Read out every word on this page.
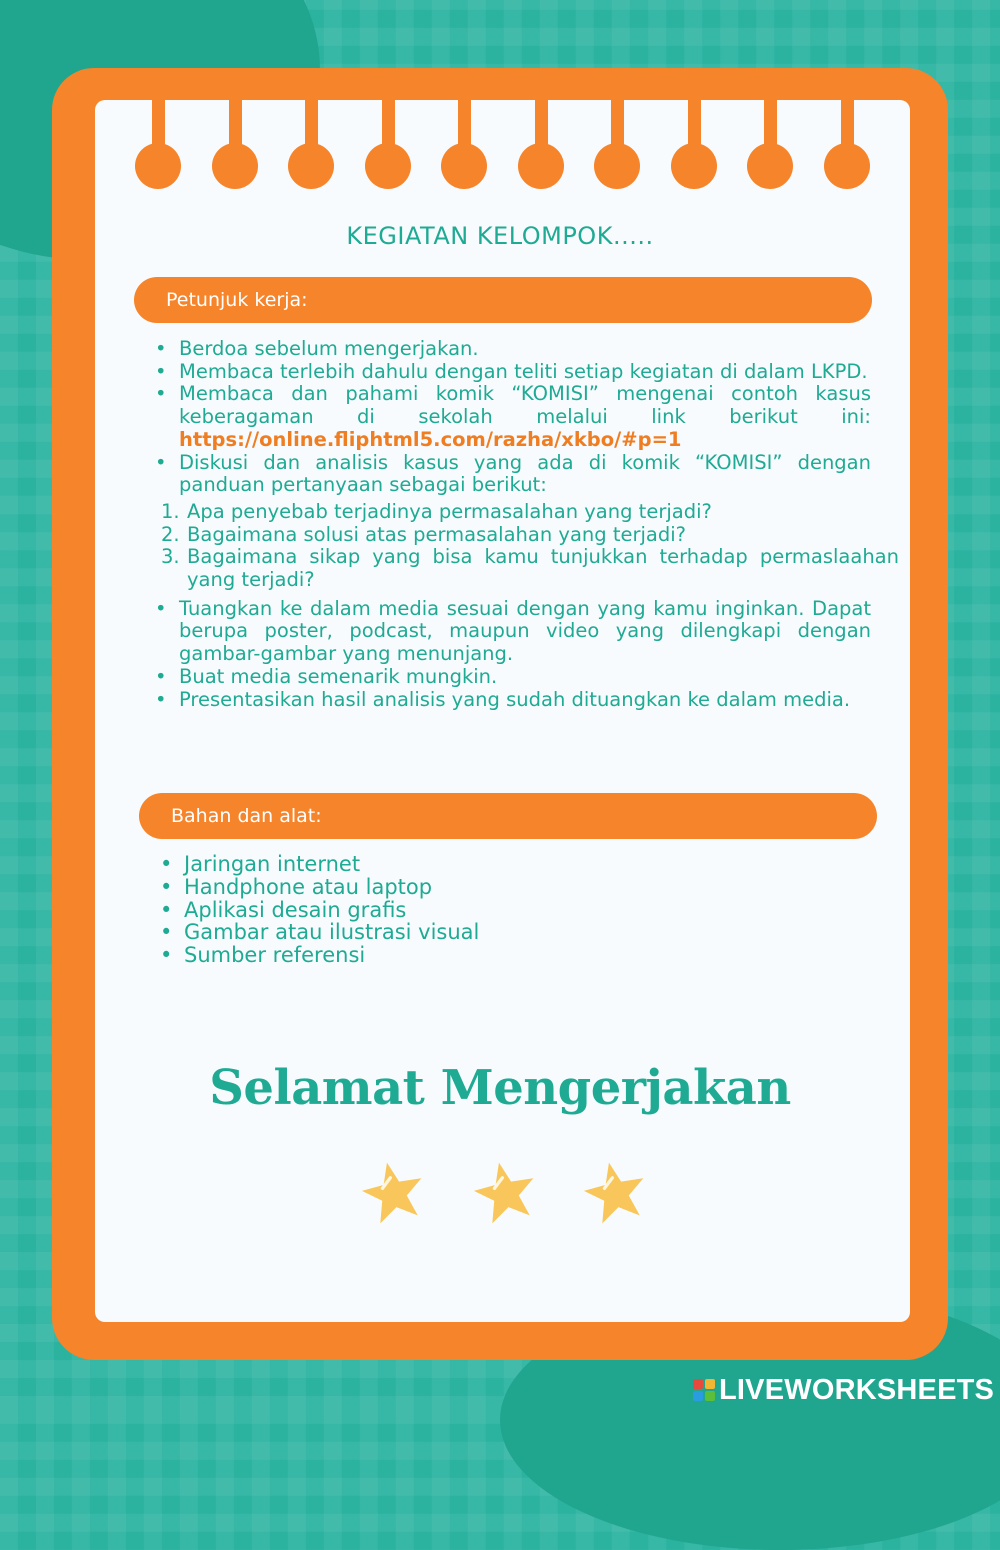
KEGIATAN KELOMPOK.....
Petunjuk kerja:
• Berdoa sebelum mengerjakan.
• Membaca terlebih dahulu dengan teliti setiap kegiatan di dalam LKPD.
• Membaca dan pahami komik “KOMISI” mengenai contoh kasus keberagaman di sekolah melalui link berikut ini: https://online.fliphtml5.com/razha/xkbo/#p=1
• Diskusi dan analisis kasus yang ada di komik “KOMISI” dengan panduan pertanyaan sebagai berikut:
1. Apa penyebab terjadinya permasalahan yang terjadi?
2. Bagaimana solusi atas permasalahan yang terjadi?
3. Bagaimana sikap yang bisa kamu tunjukkan terhadap permaslaahan yang terjadi?
• Tuangkan ke dalam media sesuai dengan yang kamu inginkan. Dapat berupa poster, podcast, maupun video yang dilengkapi dengan gambar-gambar yang menunjang.
• Buat media semenarik mungkin.
• Presentasikan hasil analisis yang sudah dituangkan ke dalam media.
Bahan dan alat:
• Jaringan internet
• Handphone atau laptop
• Aplikasi desain grafis
• Gambar atau ilustrasi visual
• Sumber referensi
Selamat Mengerjakan
LIVEWORKSHEETS
